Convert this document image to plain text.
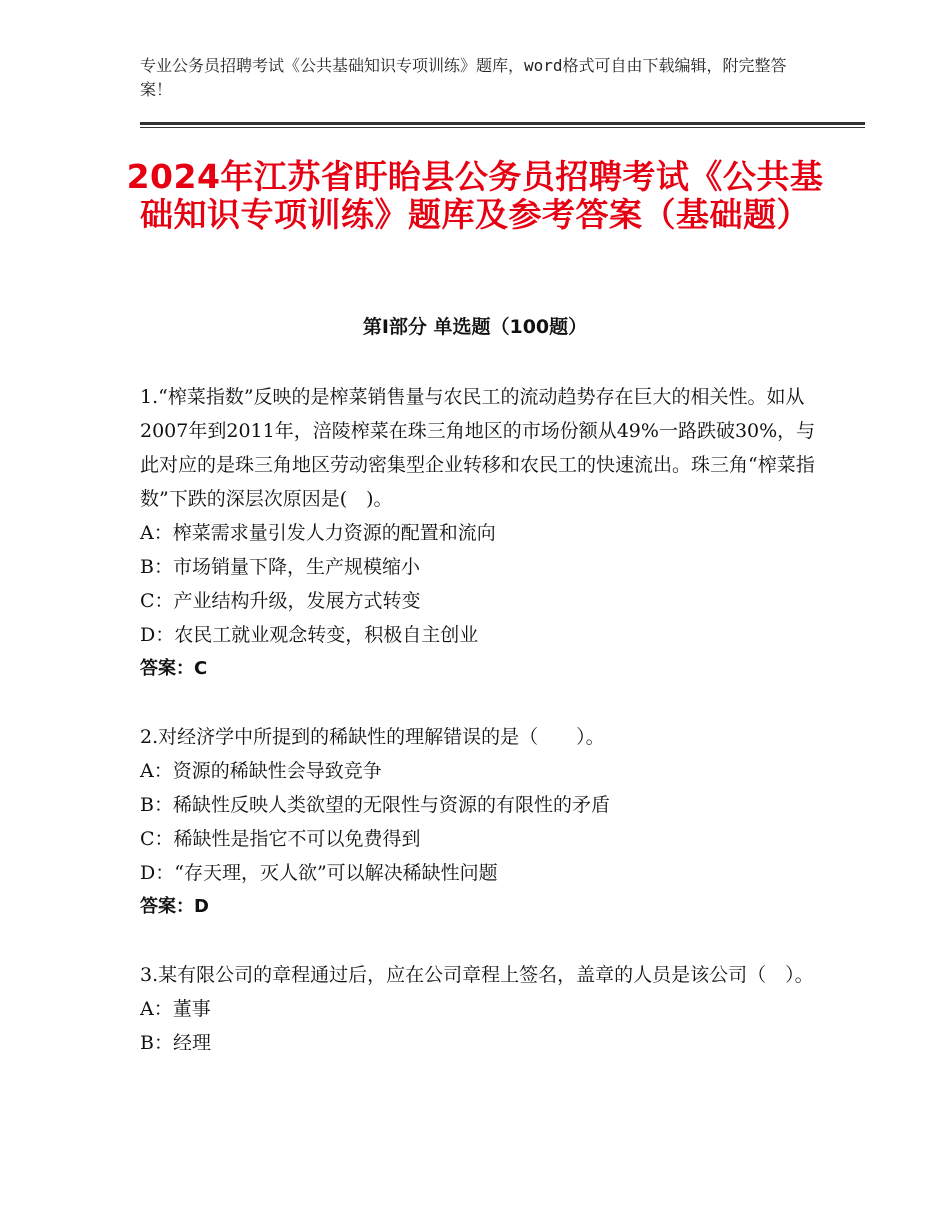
专业公务员招聘考试《公共基础知识专项训练》题库，word格式可自由下载编辑，附完整答案！
2024年江苏省盱眙县公务员招聘考试《公共基础知识专项训练》题库及参考答案（基础题）
第Ⅰ部分 单选题（100题）

1.“榨菜指数”反映的是榨菜销售量与农民工的流动趋势存在巨大的相关性。如从2007年到2011年，涪陵榨菜在珠三角地区的市场份额从49%一路跌破30%，与此对应的是珠三角地区劳动密集型企业转移和农民工的快速流出。珠三角“榨菜指数”下跌的深层次原因是(　)。

A：榨菜需求量引发人力资源的配置和流向

B：市场销量下降，生产规模缩小

C：产业结构升级，发展方式转变

D：农民工就业观念转变，积极自主创业

答案：C

2.对经济学中所提到的稀缺性的理解错误的是（　　）。

A：资源的稀缺性会导致竞争

B：稀缺性反映人类欲望的无限性与资源的有限性的矛盾

C：稀缺性是指它不可以免费得到

D：“存天理，灭人欲”可以解决稀缺性问题

答案：D

3.某有限公司的章程通过后，应在公司章程上签名，盖章的人员是该公司（　）。

A：董事

B：经理
